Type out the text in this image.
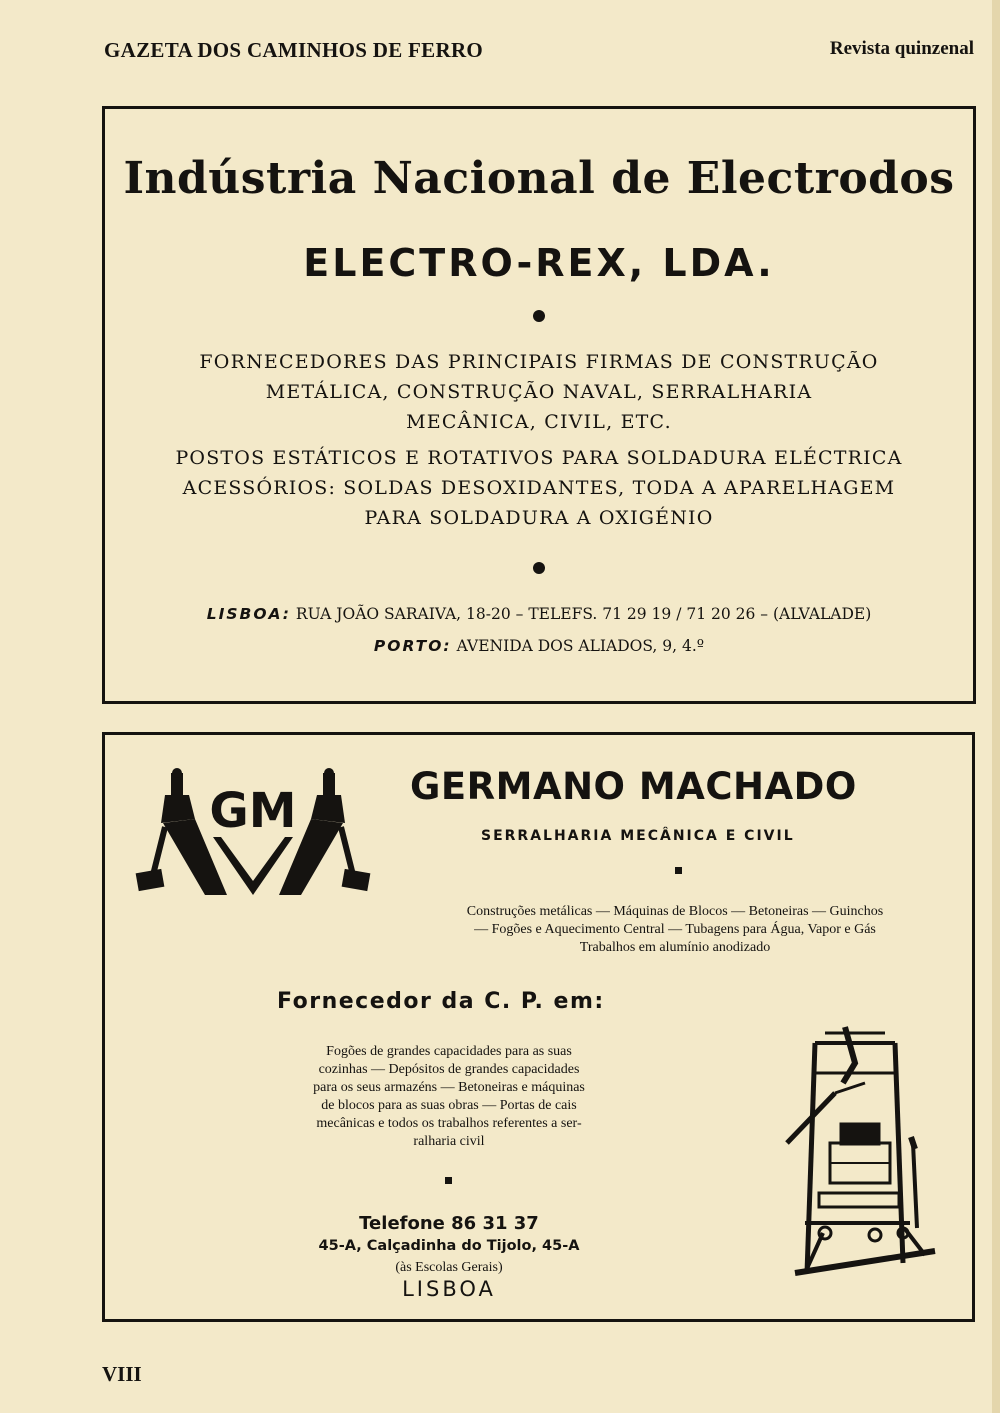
GAZETA DOS CAMINHOS DE FERRO	Revista quinzenal
Indústria Nacional de Electrodos
ELECTRO-REX, LDA.
FORNECEDORES DAS PRINCIPAIS FIRMAS DE CONSTRUÇÃO
METÁLICA, CONSTRUÇÃO NAVAL, SERRALHARIA
MECÂNICA, CIVIL, ETC.
POSTOS ESTÁTICOS E ROTATIVOS PARA SOLDADURA ELÉCTRICA
ACESSÓRIOS: SOLDAS DESOXIDANTES, TODA A APARELHAGEM
PARA SOLDADURA A OXIGÉNIO
LISBOA: RUA JOÃO SARAIVA, 18-20 – TELEFS. 71 29 19 / 71 20 26 – (ALVALADE)
PORTO: AVENIDA DOS ALIADOS, 9, 4.º
GM	GERMANO MACHADO
SERRALHARIA MECÂNICA E CIVIL
Construções metálicas — Máquinas de Blocos — Betoneiras — Guinchos
— Fogões e Aquecimento Central — Tubagens para Água, Vapor e Gás
Trabalhos em alumínio anodizado
Fornecedor da C. P. em:
Fogões de grandes capacidades para as suas
cozinhas — Depósitos de grandes capacidades
para os seus armazéns — Betoneiras e máquinas
de blocos para as suas obras — Portas de cais
mecânicas e todos os trabalhos referentes a ser-
ralharia civil
Telefone 86 31 37
45-A, Calçadinha do Tijolo, 45-A
(às Escolas Gerais)
LISBOA
VIII
